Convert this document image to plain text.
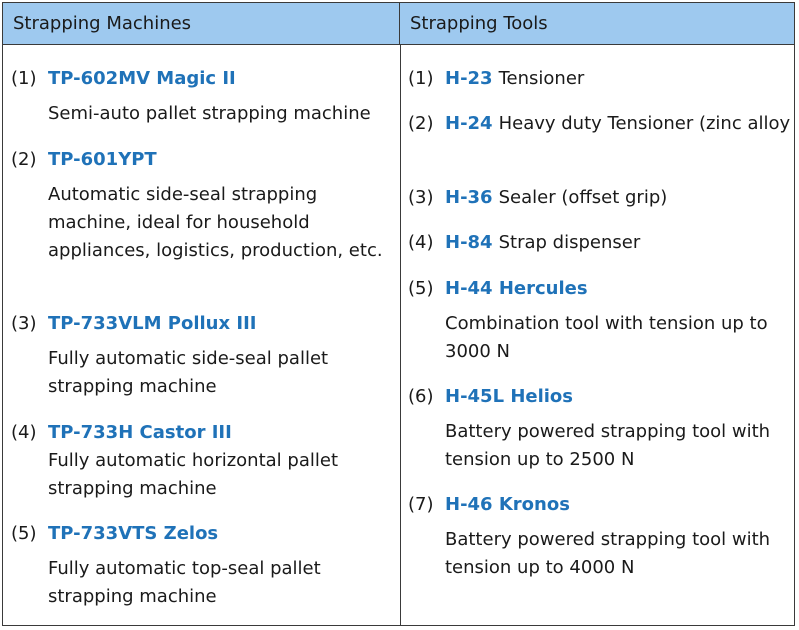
Strapping Machines	Strapping Tools
(1) TP-602MV Magic II
Semi-auto pallet strapping machine
(2) TP-601YPT
Automatic side-seal strapping machine, ideal for household appliances, logistics, production, etc.
(3) TP-733VLM Pollux III
Fully automatic side-seal pallet strapping machine
(4) TP-733H Castor III
Fully automatic horizontal pallet strapping machine
(5) TP-733VTS Zelos
Fully automatic top-seal pallet strapping machine
(1) H-23 Tensioner
(2) H-24 Heavy duty Tensioner (zinc alloy
(3) H-36 Sealer (offset grip)
(4) H-84 Strap dispenser
(5) H-44 Hercules
Combination tool with tension up to 3000 N
(6) H-45L Helios
Battery powered strapping tool with tension up to 2500 N
(7) H-46 Kronos
Battery powered strapping tool with tension up to 4000 N
